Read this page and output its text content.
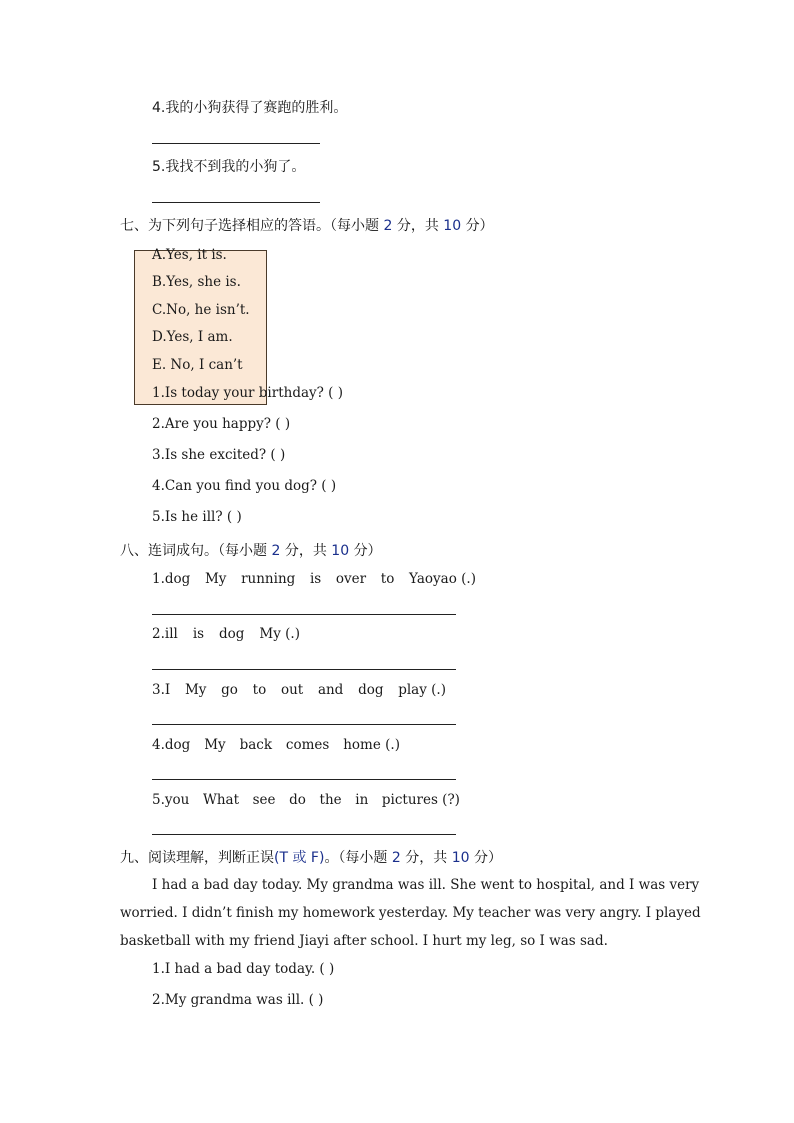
4.我的小狗获得了赛跑的胜利。
5.我找不到我的小狗了。
七、为下列句子选择相应的答语。（每小题 2 分，共 10 分）
A.Yes, it is.
B.Yes, she is.
C.No, he isn’t.
D.Yes, I am.
E. No, I can’t
1.Is today your birthday? ( )
2.Are you happy? ( )
3.Is she excited? ( )
4.Can you find you dog? ( )
5.Is he ill? ( )
八、连词成句。（每小题 2 分，共 10 分）
1.dog My running is over to Yaoyao (.)
2.ill is dog My (.)
3.I My go to out and dog play (.)
4.dog My back comes home (.)
5.you What see do the in pictures (?)
九、阅读理解，判断正误(T 或 F)。（每小题 2 分，共 10 分）
I had a bad day today. My grandma was ill. She went to hospital, and I was very
worried. I didn’t finish my homework yesterday. My teacher was very angry. I played
basketball with my friend Jiayi after school. I hurt my leg, so I was sad.
1.I had a bad day today. ( )
2.My grandma was ill. ( )
